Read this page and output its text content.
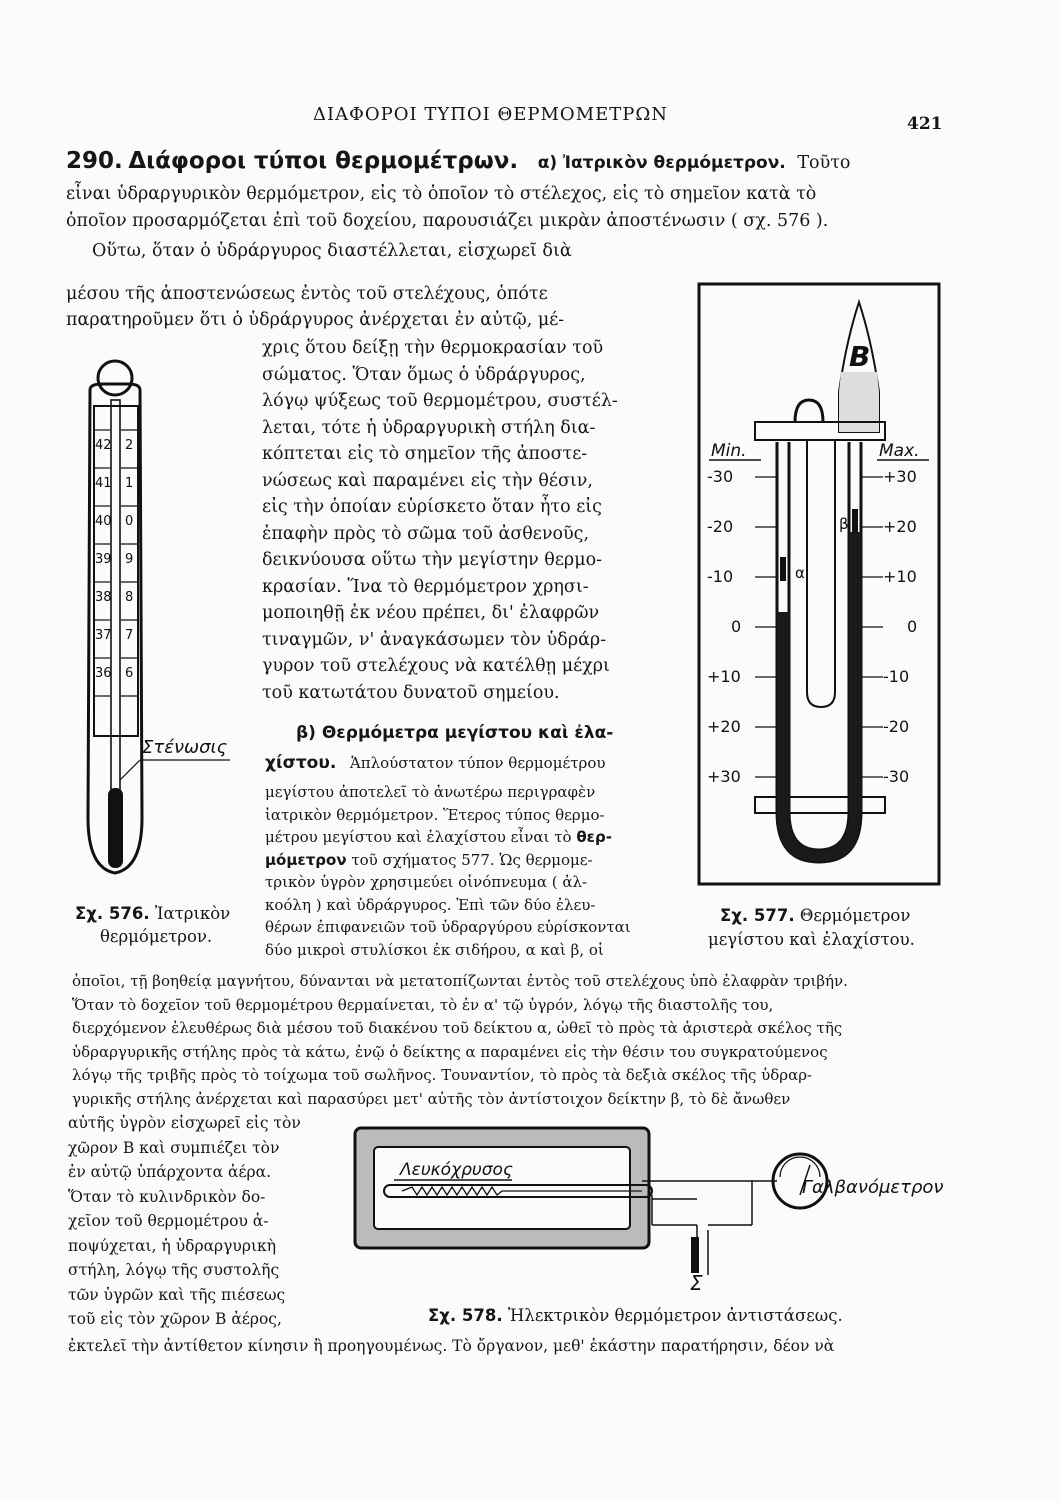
ΔΙΑΦΟΡΟΙ ΤΥΠΟΙ ΘΕΡΜΟΜΕΤΡΩΝ	421
290. Διάφοροι τύποι θερμομέτρων. α) Ἰατρικὸν θερμόμετρον. Τοῦτο
εἶναι ὑδραργυρικὸν θερμόμετρον, εἰς τὸ ὁποῖον τὸ στέλεχος, εἰς τὸ σημεῖον κατὰ τὸ
ὁποῖον προσαρμόζεται ἐπὶ τοῦ δοχείου, παρουσιάζει μικρὰν ἀποστένωσιν ( σχ. 576 ).
Οὕτω, ὅταν ὁ ὑδράργυρος διαστέλλεται, εἰσχωρεῖ διὰ
μέσου τῆς ἀποστενώσεως ἐντὸς τοῦ στελέχους, ὁπότε
παρατηροῦμεν ὅτι ὁ ὑδράργυρος ἀνέρχεται ἐν αὐτῷ, μέ-
χρις ὅτου δείξῃ τὴν θερμοκρασίαν τοῦ
σώματος. Ὅταν ὅμως ὁ ὑδράργυρος,
λόγῳ ψύξεως τοῦ θερμομέτρου, συστέλ-
λεται, τότε ἡ ὑδραργυρικὴ στήλη δια-
κόπτεται εἰς τὸ σημεῖον τῆς ἀποστε-
νώσεως καὶ παραμένει εἰς τὴν θέσιν,
εἰς τὴν ὁποίαν εὑρίσκετο ὅταν ἦτο εἰς
ἐπαφὴν πρὸς τὸ σῶμα τοῦ ἀσθενοῦς,
δεικνύουσα οὕτω τὴν μεγίστην θερμο-
κρασίαν. Ἵνα τὸ θερμόμετρον χρησι-
μοποιηθῇ ἐκ νέου πρέπει, δι' ἐλαφρῶν
τιναγμῶν, ν' ἀναγκάσωμεν τὸν ὑδράρ-
γυρον τοῦ στελέχους νὰ κατέλθῃ μέχρι
τοῦ κατωτάτου δυνατοῦ σημείου.
β) Θερμόμετρα μεγίστου καὶ ἐλα-
χίστου. Ἁπλούστατον τύπον θερμομέτρου
μεγίστου ἀποτελεῖ τὸ ἀνωτέρω περιγραφὲν
ἰατρικὸν θερμόμετρον. Ἕτερος τύπος θερμο-
μέτρου μεγίστου καὶ ἐλαχίστου εἶναι τὸ θερ-
μόμετρον τοῦ σχήματος 577. Ὡς θερμομε-
τρικὸν ὑγρὸν χρησιμεύει οἰνόπνευμα ( ἀλ-
κοόλη ) καὶ ὑδράργυρος. Ἐπὶ τῶν δύο ἐλευ-
θέρων ἐπιφανειῶν τοῦ ὑδραργύρου εὑρίσκονται
δύο μικροὶ στυλίσκοι ἐκ σιδήρου, α καὶ β, οἱ
ὁποῖοι, τῇ βοηθείᾳ μαγνήτου, δύνανται νὰ μετατοπίζωνται ἐντὸς τοῦ στελέχους ὑπὸ ἐλαφρὰν τριβήν.
Ὅταν τὸ δοχεῖον τοῦ θερμομέτρου θερμαίνεται, τὸ ἐν α' τῷ ὑγρόν, λόγῳ τῆς διαστολῆς του,
διερχόμενον ἐλευθέρως διὰ μέσου τοῦ διακένου τοῦ δείκτου α, ὠθεῖ τὸ πρὸς τὰ ἀριστερὰ σκέλος τῆς
ὑδραργυρικῆς στήλης πρὸς τὰ κάτω, ἐνῷ ὁ δείκτης α παραμένει εἰς τὴν θέσιν του συγκρατούμενος
λόγῳ τῆς τριβῆς πρὸς τὸ τοίχωμα τοῦ σωλῆνος. Τουναντίον, τὸ πρὸς τὰ δεξιὰ σκέλος τῆς ὑδραρ-
γυρικῆς στήλης ἀνέρχεται καὶ παρασύρει μετ' αὐτῆς τὸν ἀντίστοιχον δείκτην β, τὸ δὲ ἄνωθεν
αὐτῆς ὑγρὸν εἰσχωρεῖ εἰς τὸν
χῶρον Β καὶ συμπιέζει τὸν
ἐν αὐτῷ ὑπάρχοντα ἀέρα.
Ὅταν τὸ κυλινδρικὸν δο-
χεῖον τοῦ θερμομέτρου ἀ-
ποψύχεται, ἡ ὑδραργυρικὴ
στήλη, λόγῳ τῆς συστολῆς
τῶν ὑγρῶν καὶ τῆς πιέσεως
τοῦ εἰς τὸν χῶρον Β ἀέρος,
ἐκτελεῖ τὴν ἀντίθετον κίνησιν ἢ προηγουμένως. Τὸ ὄργανον, μεθ' ἑκάστην παρατήρησιν, δέον νὰ
42
41
40
39
38
37
36
2
1
0
9
8
7
6
Στένωσις
Σχ. 576. Ἰατρικὸν
θερμόμετρον.
B
α
β
Min.	Max.
-30
-20
-10
0
+10
+20
+30
+30
+20
+10
0
-10
-20
-30
Σχ. 577. Θερμόμετρον
μεγίστου καὶ ἐλαχίστου.
Λευκόχρυσος
Σ
Γαλβανόμετρον
Σχ. 578. Ἠλεκτρικὸν θερμόμετρον ἀντιστάσεως.
